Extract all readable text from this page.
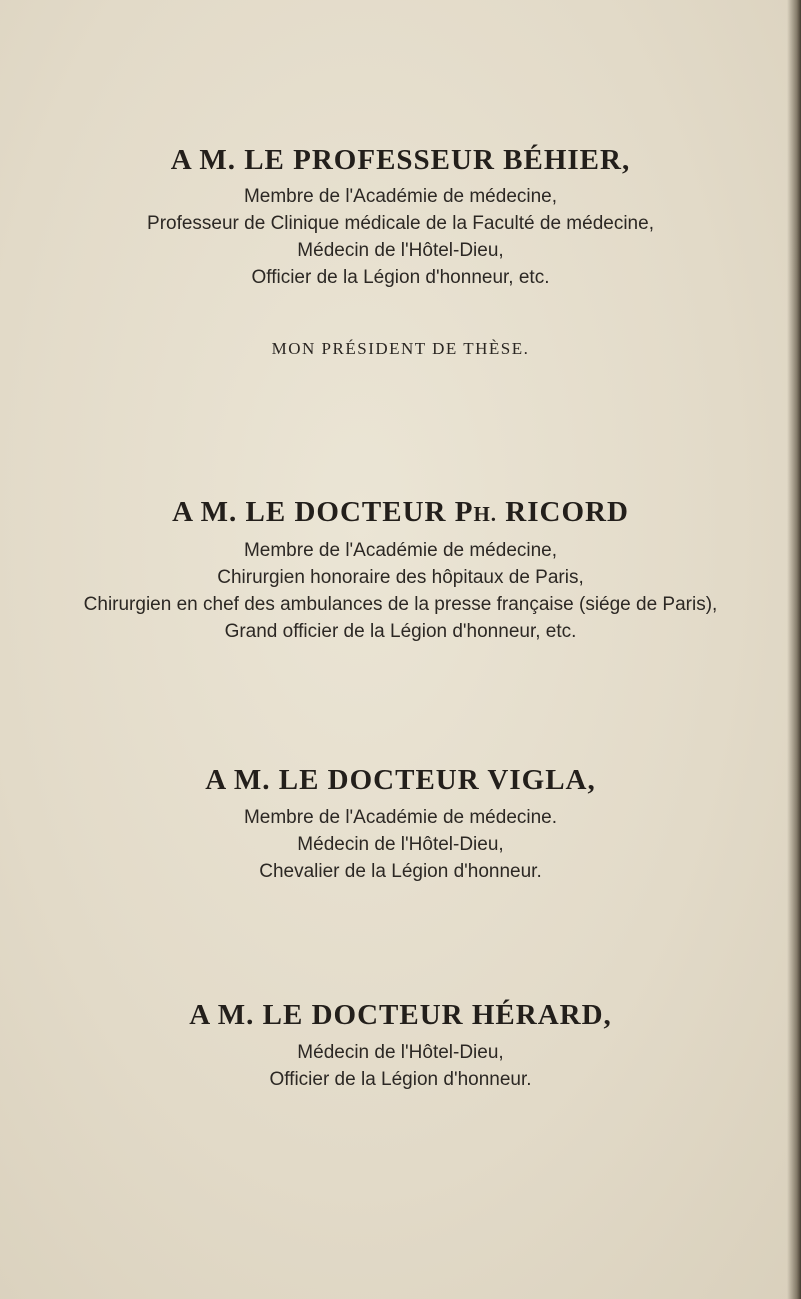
A M. LE PROFESSEUR BÉHIER,

Membre de l'Académie de médecine,

Professeur de Clinique médicale de la Faculté de médecine,

Médecin de l'Hôtel-Dieu,

Officier de la Légion d'honneur, etc.

MON PRÉSIDENT DE THÈSE.

A M. LE DOCTEUR PH. RICORD

Membre de l'Académie de médecine,

Chirurgien honoraire des hôpitaux de Paris,

Chirurgien en chef des ambulances de la presse française (siége de Paris),

Grand officier de la Légion d'honneur, etc.

A M. LE DOCTEUR VIGLA,

Membre de l'Académie de médecine.

Médecin de l'Hôtel-Dieu,

Chevalier de la Légion d'honneur.

A M. LE DOCTEUR HÉRARD,

Médecin de l'Hôtel-Dieu,

Officier de la Légion d'honneur.
